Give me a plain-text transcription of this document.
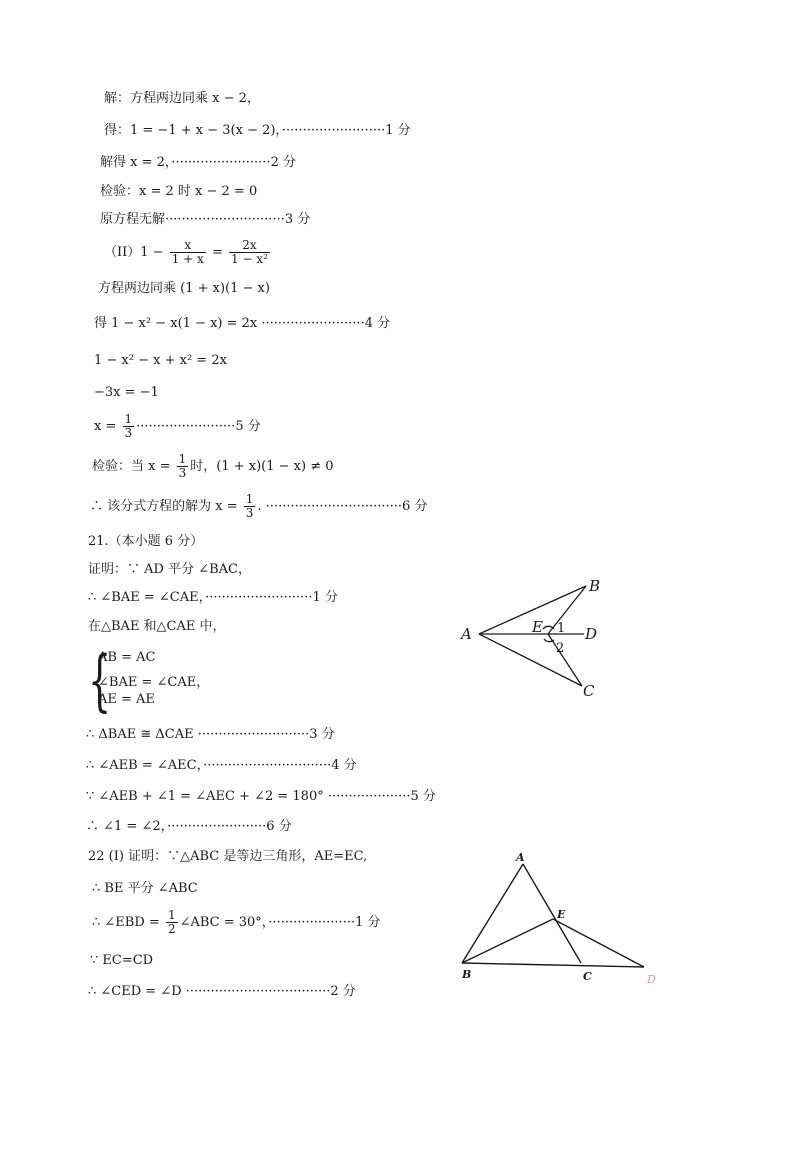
解：方程两边同乘 x − 2，
得：1 = −1 + x − 3(x − 2)，·························1 分
解得 x = 2，························2 分
检验：x = 2 时 x − 2 = 0
原方程无解·····························3 分
$(II)1 - \frac{x}{1 + x} = \frac{2x}{\text{1 − x²}}$
方程两边同乘 (1 + x)(1 − x)
得 1 − x² − x(1 − x) = 2x ·························4 分
1 − x² − x + x² = 2x
−3x = −1
$x = \frac{1}{3} \cdot\cdot\cdot\cdot\cdot\cdot\cdot\cdot\cdot\cdot\cdot\cdot\cdot\cdot\cdot\cdot\cdot\cdot\cdot\cdot\cdot\cdot\cdot\cdot 5$ 分
检验：当 $x = \frac{1}{3}$ 时，(1 + x)(1 − x) ≠ 0
∴ 该分式方程的解为 $x = \frac{1}{3}$ . ·································6 分
21.（本小题 6 分）
证明：∵ AD 平分 ∠BAC，
∴ ∠BAE = ∠CAE，··························1 分
在△BAE 和△CAE 中，
{
AB = AC
∠BAE = ∠CAE，
AE = AE
∴ ΔBAE ≅ ΔCAE ···························3 分
∴ ∠AEB = ∠AEC，·······························4 分
∵ ∠AEB + ∠1 = ∠AEC + ∠2 = 180° ····················5 分
∴ ∠1 = ∠2，························6 分
22 (I) 证明：∵△ABC 是等边三角形，AE=EC,
∴ BE 平分 ∠ABC
∴ ∠EBD = $\frac{1}{2}$ ∠ABC = 30°，·····················1 分
∵ EC=CD
∴ ∠CED = ∠D ···································2 分
A
B
C
D
E 1
2
A
B	C	D
E
